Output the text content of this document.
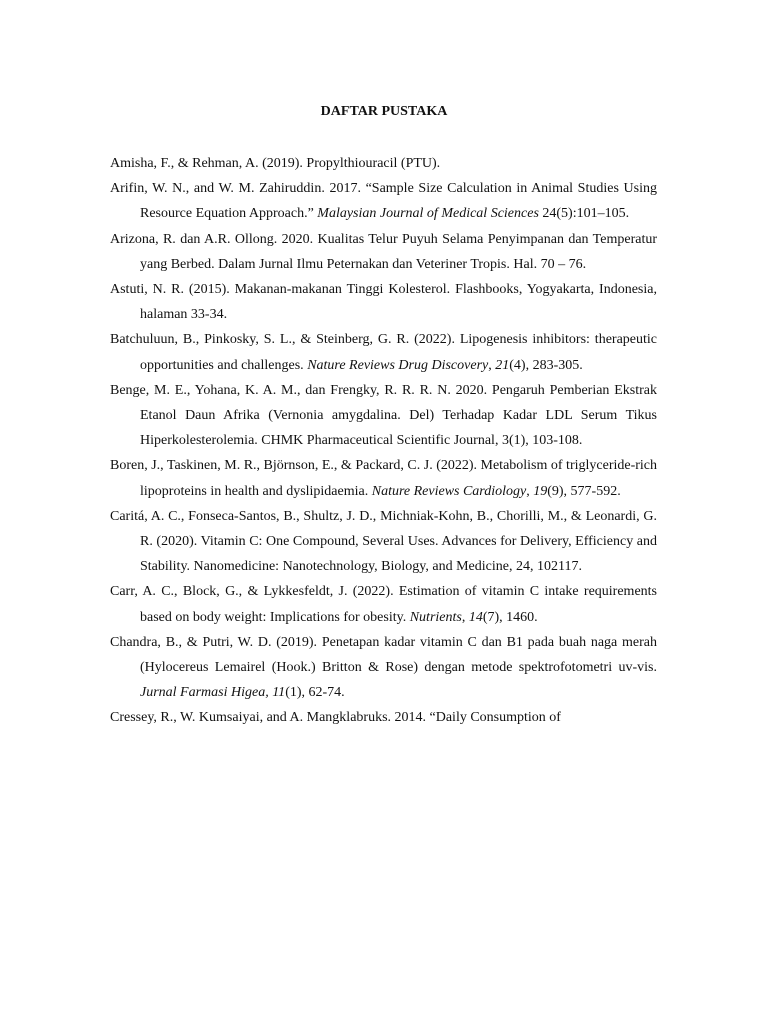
DAFTAR PUSTAKA
Amisha, F., & Rehman, A. (2019). Propylthiouracil (PTU).
Arifin, W. N., and W. M. Zahiruddin. 2017. “Sample Size Calculation in Animal Studies Using Resource Equation Approach.” Malaysian Journal of Medical Sciences 24(5):101–105.
Arizona, R. dan A.R. Ollong. 2020. Kualitas Telur Puyuh Selama Penyimpanan dan Temperatur yang Berbed. Dalam Jurnal Ilmu Peternakan dan Veteriner Tropis. Hal. 70 – 76.
Astuti, N. R. (2015). Makanan-makanan Tinggi Kolesterol. Flashbooks, Yogyakarta, Indonesia, halaman 33-34.
Batchuluun, B., Pinkosky, S. L., & Steinberg, G. R. (2022). Lipogenesis inhibitors: therapeutic opportunities and challenges. Nature Reviews Drug Discovery, 21(4), 283-305.
Benge, M. E., Yohana, K. A. M., dan Frengky, R. R. R. N. 2020. Pengaruh Pemberian Ekstrak Etanol Daun Afrika (Vernonia amygdalina. Del) Terhadap Kadar LDL Serum Tikus Hiperkolesterolemia. CHMK Pharmaceutical Scientific Journal, 3(1), 103-108.
Boren, J., Taskinen, M. R., Björnson, E., & Packard, C. J. (2022). Metabolism of triglyceride-rich lipoproteins in health and dyslipidaemia. Nature Reviews Cardiology, 19(9), 577-592.
Caritá, A. C., Fonseca-Santos, B., Shultz, J. D., Michniak-Kohn, B., Chorilli, M., & Leonardi, G. R. (2020). Vitamin C: One Compound, Several Uses. Advances for Delivery, Efficiency and Stability. Nanomedicine: Nanotechnology, Biology, and Medicine, 24, 102117.
Carr, A. C., Block, G., & Lykkesfeldt, J. (2022). Estimation of vitamin C intake requirements based on body weight: Implications for obesity. Nutrients, 14(7), 1460.
Chandra, B., & Putri, W. D. (2019). Penetapan kadar vitamin C dan B1 pada buah naga merah (Hylocereus Lemairel (Hook.) Britton & Rose) dengan metode spektrofotometri uv-vis. Jurnal Farmasi Higea, 11(1), 62-74.
Cressey, R., W. Kumsaiyai, and A. Mangklabruks. 2014. “Daily Consumption of
